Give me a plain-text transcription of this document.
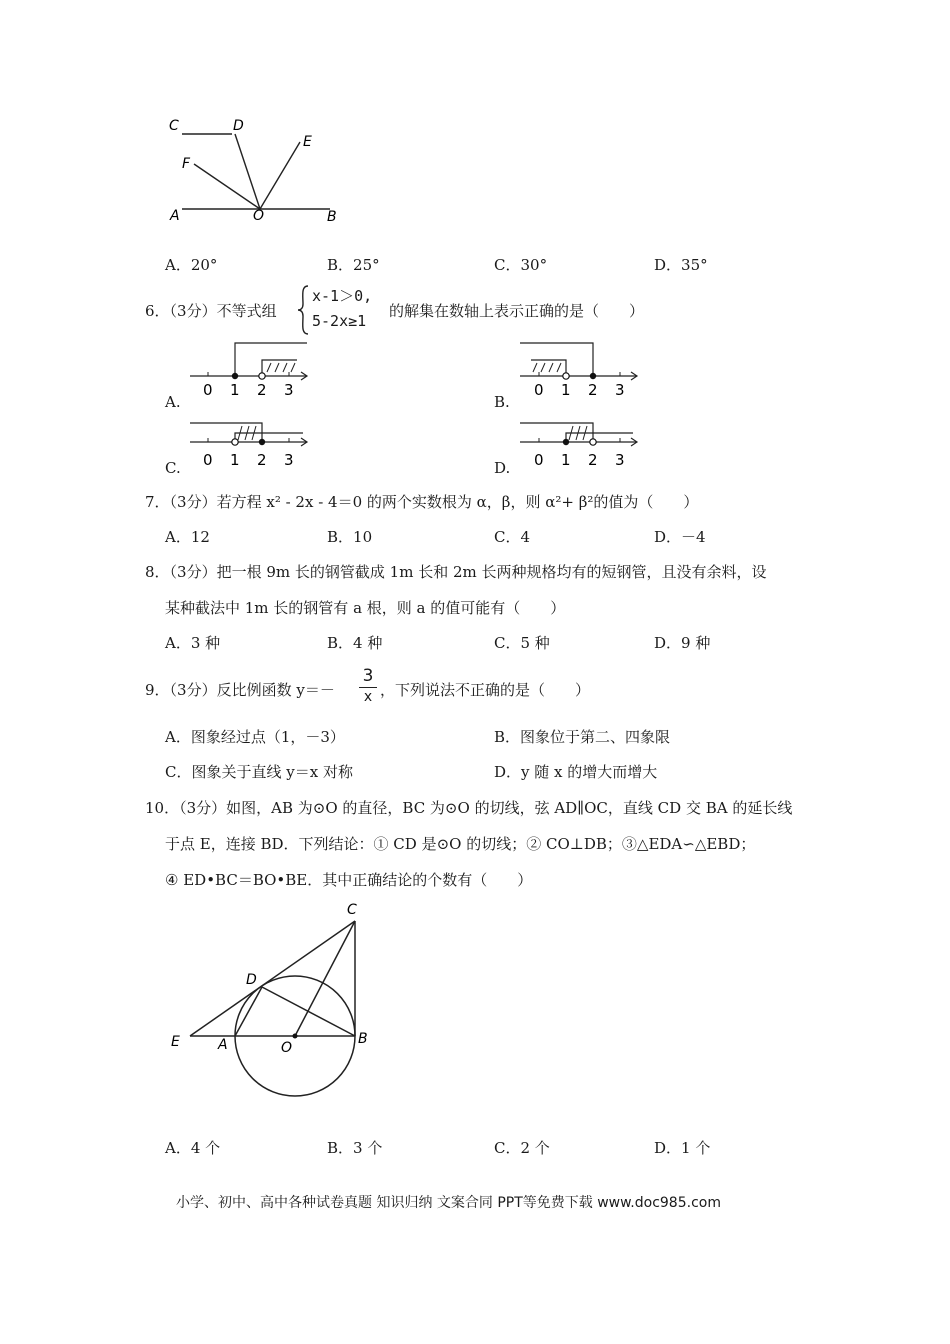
C	D
F
E
A	O	B
A．20°	B．25°	C．30°	D．35°
6．（3分）不等式组
x-1＞0,
5-2x≥1
的解集在数轴上表示正确的是（　　）
A.
0 1 2 3
B.
0 1 2 3
C. 0 1 2 3	D. 0 1 2 3
7．（3分）若方程 x² - 2x - 4＝0 的两个实数根为 α，β，则 α²+ β²的值为（　　）
A．12	B．10	C．4	D．－4
8．（3分）把一根 9m 长的钢管截成 1m 长和 2m 长两种规格均有的短钢管，且没有余料，设
某种截法中 1m 长的钢管有 a 根，则 a 的值可能有（　　）
A．3 种	B．4 种	C．5 种	D．9 种
9．（3分）反比例函数 y＝－
3
x ，下列说法不正确的是（　　）
A．图象经过点（1，－3）	B．图象位于第二、四象限
C．图象关于直线 y＝x 对称	D．y 随 x 的增大而增大
10．（3分）如图，AB 为⊙O 的直径，BC 为⊙O 的切线，弦 AD∥OC，直线 CD 交 BA 的延长线
于点 E，连接 BD．下列结论：① CD 是⊙O 的切线；② CO⊥DB；③△EDA∽△EBD；
④ ED•BC＝BO•BE．其中正确结论的个数有（　　）
C
D
E	A	O
B
A．4 个	B．3 个	C．2 个	D．1 个
小学、初中、高中各种试卷真题 知识归纳 文案合同 PPT等免费下载 www.doc985.com
